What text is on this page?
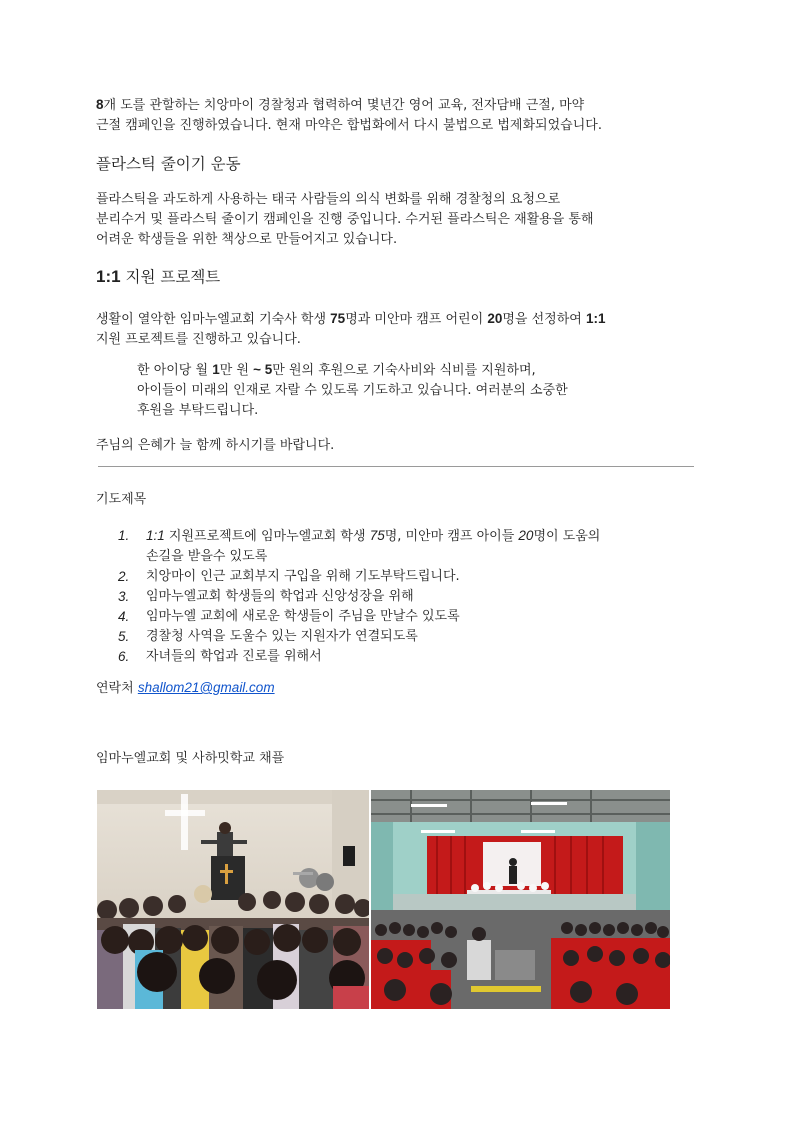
8개 도를 관할하는 치앙마이 경찰청과 협력하여 몇년간 영어 교육, 전자담배 근절, 마약
근절 캠페인을 진행하였습니다. 현재 마약은 합법화에서 다시 불법으로 법제화되었습니다.
플라스틱 줄이기 운동
플라스틱을 과도하게 사용하는 태국 사람들의 의식 변화를 위해 경찰청의 요청으로
분리수거 및 플라스틱 줄이기 캠페인을 진행 중입니다. 수거된 플라스틱은 재활용을 통해
어려운 학생들을 위한 책상으로 만들어지고 있습니다.
1:1 지원 프로젝트
생활이 열악한 임마누엘교회 기숙사 학생 75명과 미안마 캠프 어린이 20명을 선정하여 1:1
지원 프로젝트를 진행하고 있습니다.
한 아이당 월 1만 원 ~ 5만 원의 후원으로 기숙사비와 식비를 지원하며,
아이들이 미래의 인재로 자랄 수 있도록 기도하고 있습니다. 여러분의 소중한
후원을 부탁드립니다.
주님의 은혜가 늘 함께 하시기를 바랍니다.
기도제목
1. 1:1 지원프로젝트에 임마누엘교회 학생 75명, 미안마 캠프 아이들 20명이 도움의
손길을 받을수 있도록
2. 치앙마이 인근 교회부지 구입을 위해 기도부탁드립니다.
3. 임마누엘교회 학생들의 학업과 신앙성장을 위해
4. 임마누엘 교회에 새로운 학생들이 주님을 만날수 있도록
5. 경찰청 사역을 도울수 있는 지원자가 연결되도록
6. 자녀들의 학업과 진로를 위해서
연락처 shallom21@gmail.com
임마누엘교회 및 사하밋학교 채플
